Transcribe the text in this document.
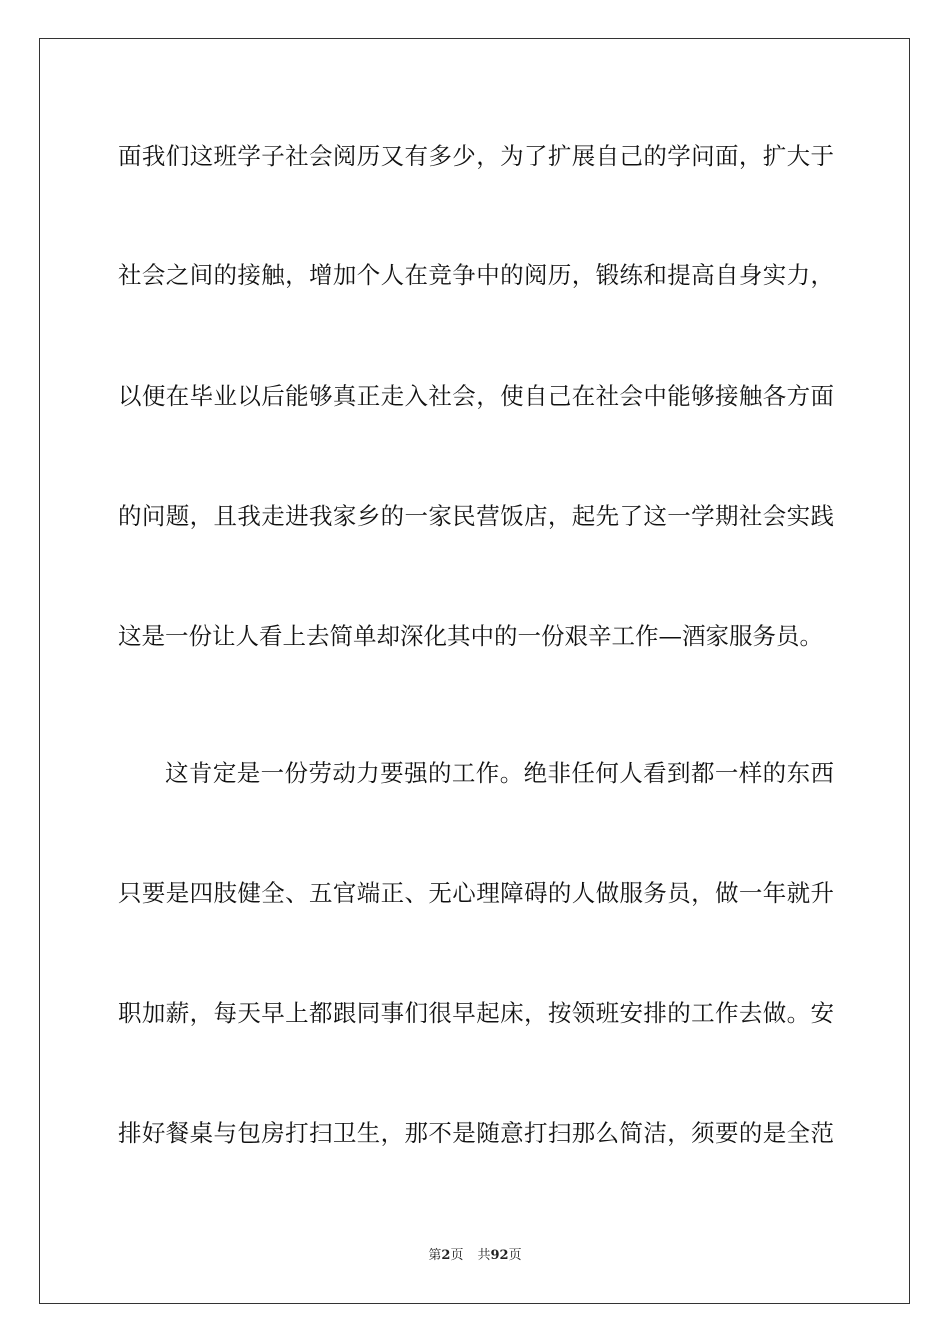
面我们这班学子社会阅历又有多少，为了扩展自己的学问面，扩大于
社会之间的接触，增加个人在竞争中的阅历，锻练和提高自身实力，
以便在毕业以后能够真正走入社会，使自己在社会中能够接触各方面
的问题，且我走进我家乡的一家民营饭店，起先了这一学期社会实践
这是一份让人看上去简单却深化其中的一份艰辛工作—酒家服务员。
这肯定是一份劳动力要强的工作。绝非任何人看到都一样的东西
只要是四肢健全、五官端正、无心理障碍的人做服务员，做一年就升
职加薪，每天早上都跟同事们很早起床，按领班安排的工作去做。安
排好餐桌与包房打扫卫生，那不是随意打扫那么简洁，须要的是全范
第2页 共92页
